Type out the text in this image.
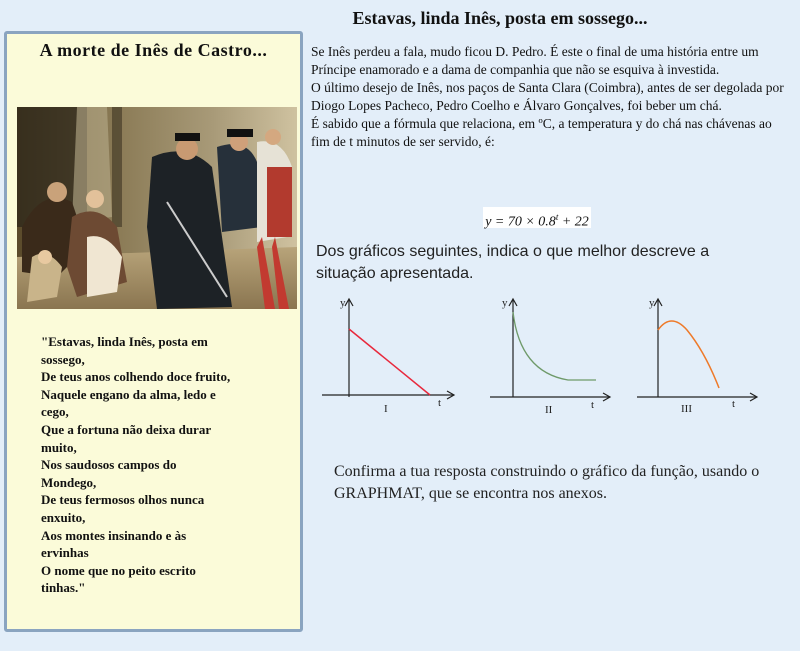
Estavas, linda Inês, posta em sossego...
A morte de Inês de Castro...

"Estavas, linda Inês, posta em
sossego,
De teus anos colhendo doce fruito,
Naquele engano da alma, ledo e
cego,
Que a fortuna não deixa durar
muito,
Nos saudosos campos do
Mondego,
De teus fermosos olhos nunca
enxuito,
Aos montes insinando e às
ervinhas
O nome que no peito escrito
tinhas."

Se Inês perdeu a fala, mudo ficou D. Pedro. É este o final de uma história entre um Príncipe enamorado e a dama de companhia que não se esquiva à investida.

O último desejo de Inês, nos paços de Santa Clara (Coimbra), antes de ser degolada por Diogo Lopes Pacheco, Pedro Coelho e Álvaro Gonçalves, foi beber um chá.

É sabido que a fórmula que relaciona, em ºC, a temperatura y do chá nas chávenas ao fim de t minutos de ser servido, é:

$y = 70 \times 0.8^t + 22$

Dos gráficos seguintes, indica o que melhor descreve a situação apresentada.

y
t
I
y
t
II
y
t
III

Confirma a tua resposta construindo o gráfico da função, usando o GRAPHMAT, que se encontra nos anexos.
